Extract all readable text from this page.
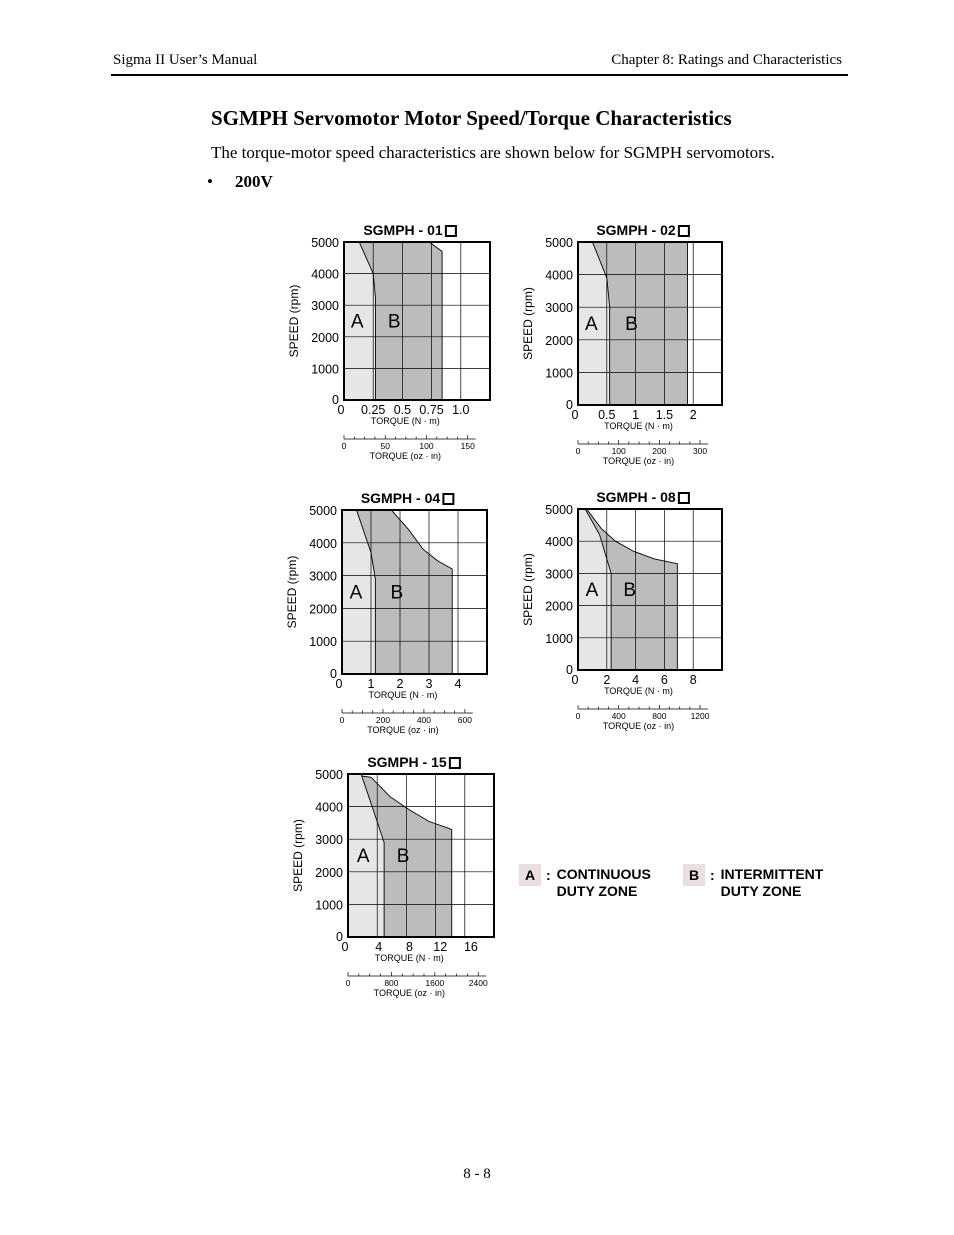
Sigma II User’s Manual	Chapter 8: Ratings and Characteristics
SGMPH Servomotor Motor Speed/Torque Characteristics
The torque-motor speed characteristics are shown below for SGMPH servomotors.
• 200V
SGMPH - 01
A B
0
1000
2000
3000
4000
5000
SPEED (rpm)
0 0.25 0.5 0.75 1.0
TORQUE (N · m)
0	50	100	150
TORQUE (oz · in)
SGMPH - 02
A B
0
1000
2000
3000
4000
5000
SPEED (rpm)
0 0.5 1 1.5 2
TORQUE (N · m)
0	100	200	300
TORQUE (oz · in)
SGMPH - 04
A B
0
1000
2000
3000
4000
5000
SPEED (rpm)
0 1 2 3 4
TORQUE (N · m)
0	200	400	600
TORQUE (oz · in)
SGMPH - 08
A B
0
1000
2000
3000
4000
5000
SPEED (rpm)
0 2 4 6 8
TORQUE (N · m)
0	400	800	1200
TORQUE (oz · in)
SGMPH - 15
A B
0
1000
2000
3000
4000
5000
SPEED (rpm)
0 4 8 12 16
TORQUE (N · m)
0	800	1600	2400
TORQUE (oz · in)
A : CONTINUOUS
DUTY ZONE
B : INTERMITTENT
DUTY ZONE
8 - 8
